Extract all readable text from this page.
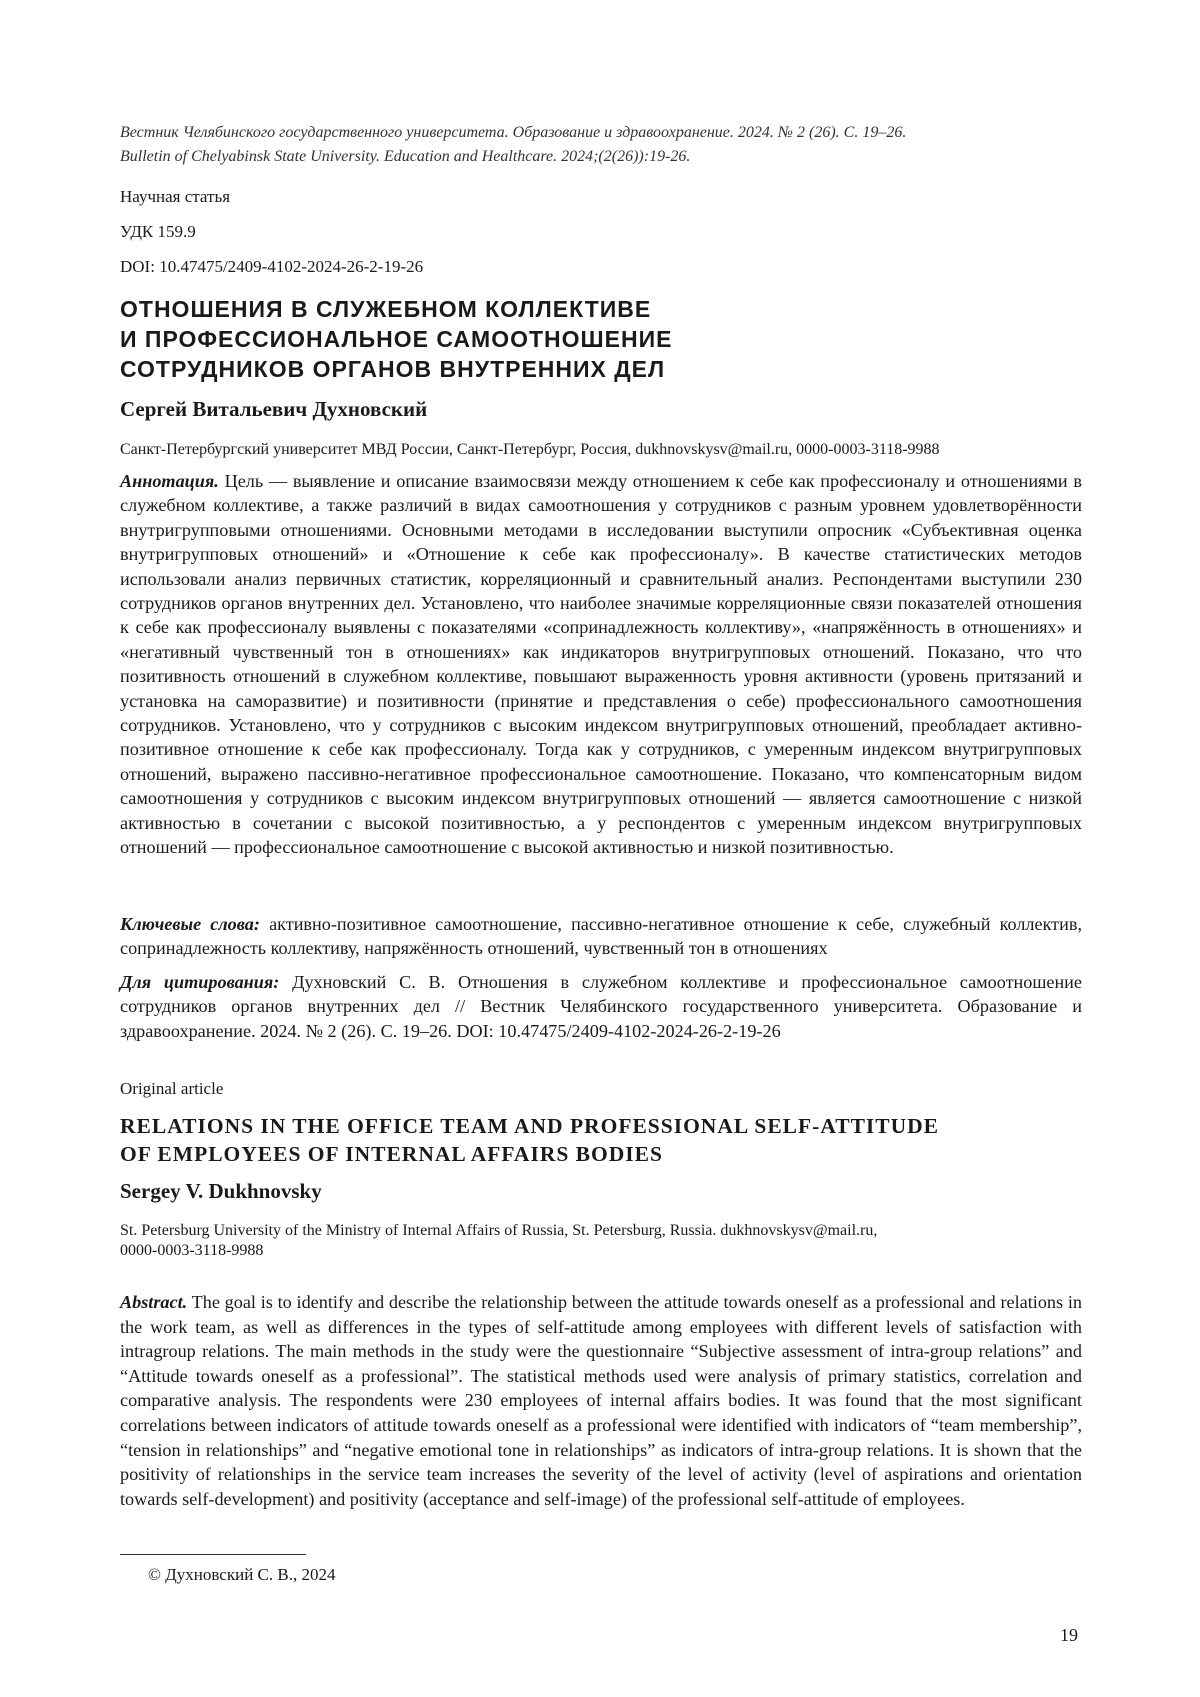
Вестник Челябинского государственного университета. Образование и здравоохранение. 2024. № 2 (26). С. 19–26.
Bulletin of Chelyabinsk State University. Education and Healthcare. 2024;(2(26)):19-26.
Научная статья
УДК 159.9
DOI: 10.47475/2409-4102-2024-26-2-19-26
ОТНОШЕНИЯ В СЛУЖЕБНОМ КОЛЛЕКТИВЕ
И ПРОФЕССИОНАЛЬНОЕ САМООТНОШЕНИЕ
СОТРУДНИКОВ ОРГАНОВ ВНУТРЕННИХ ДЕЛ
Сергей Витальевич Духновский
Санкт-Петербургский университет МВД России, Санкт-Петербург, Россия, dukhnovskysv@mail.ru, 0000-0003-3118-9988
Аннотация. Цель — выявление и описание взаимосвязи между отношением к себе как профессионалу и отношениями в служебном коллективе, а также различий в видах самоотношения у сотрудников с разным уровнем удовлетворённости внутригрупповыми отношениями. Основными методами в исследовании выступили опросник «Субъективная оценка внутригрупповых отношений» и «Отношение к себе как профессионалу». В качестве статистических методов использовали анализ первичных статистик, корреляционный и сравнительный анализ. Респондентами выступили 230 сотрудников органов внутренних дел. Установлено, что наиболее значимые корреляционные связи показателей отношения к себе как профессионалу выявлены с показателями «сопринадлежность коллективу», «напряжённость в отношениях» и «негативный чувственный тон в отношениях» как индикаторов внутригрупповых отношений. Показано, что что позитивность отношений в служебном коллективе, повышают выраженность уровня активности (уровень притязаний и установка на саморазвитие) и позитивности (принятие и представления о себе) профессионального самоотношения сотрудников. Установлено, что у сотрудников с высоким индексом внутригрупповых отношений, преобладает активно-позитивное отношение к себе как профессионалу. Тогда как у сотрудников, с умеренным индексом внутригрупповых отношений, выражено пассивно-негативное профессиональное самоотношение. Показано, что компенсаторным видом самоотношения у сотрудников с высоким индексом внутригрупповых отношений — является самоотношение с низкой активностью в сочетании с высокой позитивностью, а у респондентов с умеренным индексом внутригрупповых отношений — профессиональное самоотношение с высокой активностью и низкой позитивностью.
Ключевые слова: активно-позитивное самоотношение, пассивно-негативное отношение к себе, служебный коллектив, сопринадлежность коллективу, напряжённость отношений, чувственный тон в отношениях
Для цитирования: Духновский С. В. Отношения в служебном коллективе и профессиональное самоотношение сотрудников органов внутренних дел // Вестник Челябинского государственного университета. Образование и здравоохранение. 2024. № 2 (26). С. 19–26. DOI: 10.47475/2409-4102-2024-26-2-19-26
Original article
RELATIONS IN THE OFFICE TEAM AND PROFESSIONAL SELF-ATTITUDE
OF EMPLOYEES OF INTERNAL AFFAIRS BODIES
Sergey V. Dukhnovsky
St. Petersburg University of the Ministry of Internal Affairs of Russia, St. Petersburg, Russia. dukhnovskysv@mail.ru,
0000-0003-3118-9988
Abstract. The goal is to identify and describe the relationship between the attitude towards oneself as a professional and relations in the work team, as well as differences in the types of self-attitude among employees with different levels of satisfaction with intragroup relations. The main methods in the study were the questionnaire “Subjective assessment of intra-group relations” and “Attitude towards oneself as a professional”. The statistical methods used were analysis of primary statistics, correlation and comparative analysis. The respondents were 230 employees of internal affairs bodies. It was found that the most significant correlations between indicators of attitude towards oneself as a professional were identified with indicators of “team membership”, “tension in relationships” and “negative emotional tone in relationships” as indicators of intra-group relations. It is shown that the positivity of relationships in the service team increases the severity of the level of activity (level of aspirations and orientation towards self-development) and positivity (acceptance and self-image) of the professional self-attitude of employees.
© Духновский С. В., 2024
19
